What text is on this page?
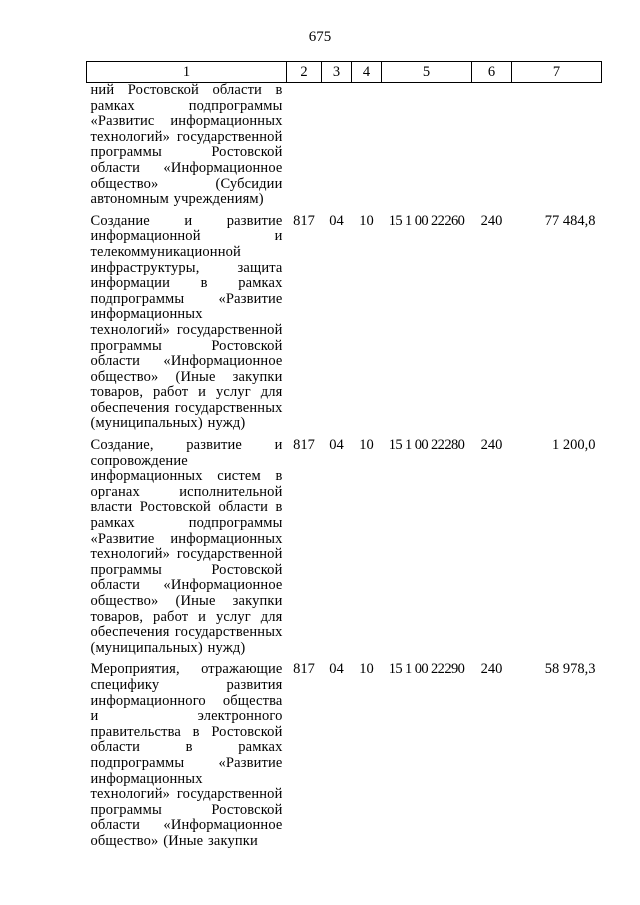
675
1	2	3	4	5	6	7
ний Ростовской области в рамках подпрограммы «Развитис информационных технологий» государственной программы Ростовской области «Информационное общество» (Субсидии автономным учреждениям)						
Создание и развитие информационной и телекоммуникационной инфраструктуры, защита информации в рамках подпрограммы «Развитие информационных технологий» государственной программы Ростовской области «Информационное общество» (Иные закупки товаров, работ и услуг для обеспечения государственных (муниципальных) нужд)	817	04	10	15 1 00 22260	240	77 484,8
Создание, развитие и сопровождение информационных систем в органах исполнительной власти Ростовской области в рамках подпрограммы «Развитие информационных технологий» государственной программы Ростовской области «Информационное общество» (Иные закупки товаров, работ и услуг для обеспечения государственных (муниципальных) нужд)	817	04	10	15 1 00 22280	240	1 200,0
Мероприятия, отражающие специфику развития информационного общества и электронного правительства в Ростовской области в рамках подпрограммы «Развитие информационных технологий» государственной программы Ростовской области «Информационное общество» (Иные закупки	817	04	10	15 1 00 22290	240	58 978,3
